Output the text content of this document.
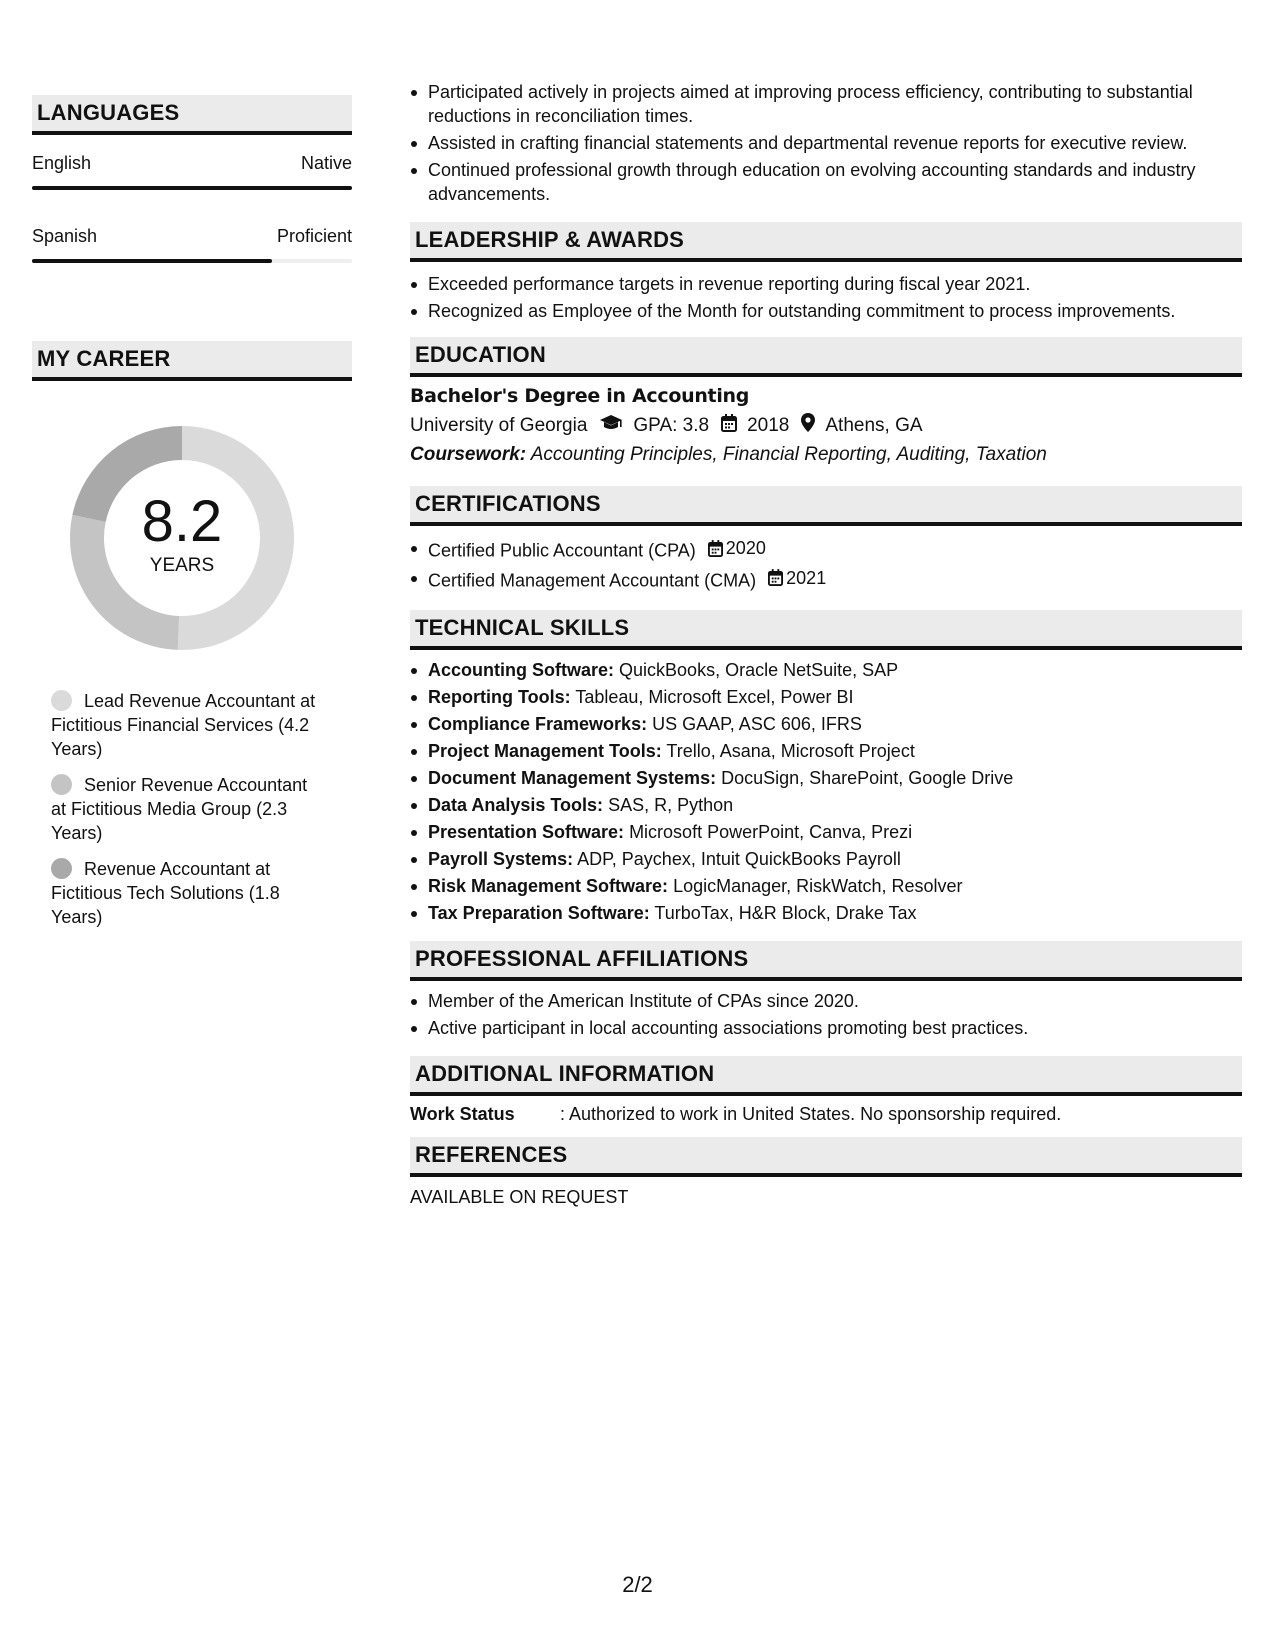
LANGUAGES
English	Native
Spanish	Proficient
MY CAREER
8.2
YEARS
Lead Revenue Accountant at Fictitious Financial Services (4.2 Years)
Senior Revenue Accountant at Fictitious Media Group (2.3 Years)
Revenue Accountant at Fictitious Tech Solutions (1.8 Years)
Participated actively in projects aimed at improving process efficiency, contributing to substantial reductions in reconciliation times.
Assisted in crafting financial statements and departmental revenue reports for executive review.
Continued professional growth through education on evolving accounting standards and industry advancements.
LEADERSHIP & AWARDS
Exceeded performance targets in revenue reporting during fiscal year 2021.
Recognized as Employee of the Month for outstanding commitment to process improvements.
EDUCATION
Bachelor's Degree in Accounting
University of Georgia GPA: 3.8 2018 Athens, GA
Coursework: Accounting Principles, Financial Reporting, Auditing, Taxation
CERTIFICATIONS
Certified Public Accountant (CPA) 2020
Certified Management Accountant (CMA) 2021
TECHNICAL SKILLS
Accounting Software: QuickBooks, Oracle NetSuite, SAP
Reporting Tools: Tableau, Microsoft Excel, Power BI
Compliance Frameworks: US GAAP, ASC 606, IFRS
Project Management Tools: Trello, Asana, Microsoft Project
Document Management Systems: DocuSign, SharePoint, Google Drive
Data Analysis Tools: SAS, R, Python
Presentation Software: Microsoft PowerPoint, Canva, Prezi
Payroll Systems: ADP, Paychex, Intuit QuickBooks Payroll
Risk Management Software: LogicManager, RiskWatch, Resolver
Tax Preparation Software: TurboTax, H&R Block, Drake Tax
PROFESSIONAL AFFILIATIONS
Member of the American Institute of CPAs since 2020.
Active participant in local accounting associations promoting best practices.
ADDITIONAL INFORMATION
Work Status	: Authorized to work in United States. No sponsorship required.
REFERENCES
AVAILABLE ON REQUEST
2/2
